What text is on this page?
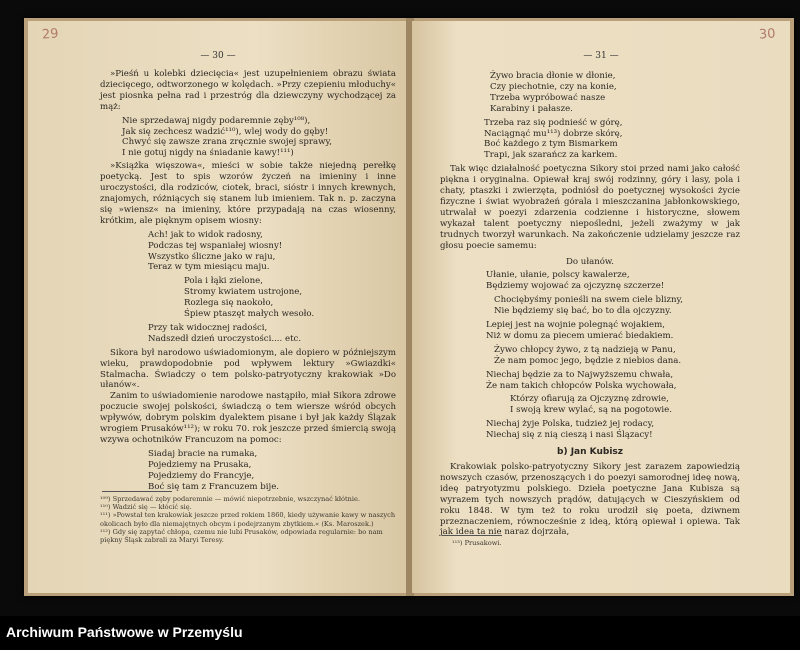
29
— 30 —

»Pieśń u kolebki dziecięcia« jest uzupełnieniem obrazu świata dziecięcego, odtworzonego w kolędach. »Przy czepieniu młoduchy« jest piosnka pełna rad i przestróg dla dziewczyny wychodzącej za mąż:

Nie sprzedawaj nigdy podaremnie zęby¹⁰⁸),
Jak się zechcesz wadzić¹¹⁰), wlej wody do gęby!
Chwyć się zawsze zrana zręcznie swojej sprawy,
I nie gotuj nigdy na śniadanie kawy!¹¹¹)

»Książka więszowa«, mieści w sobie także niejedną perełkę poetycką. Jest to spis wzorów życzeń na imieniny i inne uroczystości, dla rodziców, ciotek, braci, sióstr i innych krewnych, znajomych, różniących się stanem lub imieniem. Tak n. p. zaczyna się »wiensz« na imieniny, które przypadają na czas wiosenny, krótkim, ale pięknym opisem wiosny:

Ach! jak to widok radosny,
Podczas tej wspaniałej wiosny!
Wszystko śliczne jako w raju,
Teraz w tym miesiącu maju.
Pola i łąki zielone,
Stromy kwiatem ustrojone,
Rozlega się naokoło,
Śpiew ptaszęt małych wesoło.
Przy tak widocznej radości,
Nadszedł dzień uroczystości.... etc.

Sikora był narodowo uświadomionym, ale dopiero w późniejszym wieku, prawdopodobnie pod wpływem lektury »Gwiazdki« Stalmacha. Świadczy o tem polsko-patryotyczny krakowiak »Do ułanów«.

Zanim to uświadomienie narodowe nastąpiło, miał Sikora zdrowe poczucie swojej polskości, świadczą o tem wiersze wśród obcych wpływów, dobrym polskim dyalektem pisane i był jak każdy Ślązak wrogiem Prusaków¹¹²); w roku 70. rok jeszcze przed śmiercią swoją wzywa ochotników Francuzom na pomoc:

Siadaj bracie na rumaka,
Pojedziemy na Prusaka,
Pojedziemy do Francyje,
Boć się tam z Francuzem bije.
¹⁰⁹) Sprzedawać zęby podaremnie — mówić niepotrzebnie, wszczynać kłótnie.
¹¹⁰) Wadzić się — kłócić się.
¹¹¹) »Powstał ten krakowiak jeszcze przed rokiem 1860, kiedy używanie kawy w naszych okolicach było dla niemajętnych obcym i podejrzanym zbytkiem.« (Ks. Maroszek.)
¹¹²) Gdy się zapytać chłopa, czemu nie lubi Prusaków, odpowiada regularnie: bo nam piękny Śląsk zabrali za Maryi Teresy.
30
— 31 —
Żywo bracia dłonie w dłonie,
Czy piechotnie, czy na konie,
Trzeba wypróbować nasze
Karabiny i pałasze.
Trzeba raz się podnieść w górę,
Naciągnąć mu¹¹³) dobrze skórę,
Boć każdego z tym Bismarkem
Trapi, jak szarańcz za karkem.

Tak więc działalność poetyczna Sikory stoi przed nami jako całość piękna i oryginalna. Opiewał kraj swój rodzinny, góry i lasy, pola i chaty, ptaszki i zwierzęta, podniósł do poetycznej wysokości życie fizyczne i świat wyobrażeń górala i mieszczanina jabłonkowskiego, utrwalał w poezyi zdarzenia codzienne i historyczne, słowem wykazał talent poetyczny niepośledni, jeżeli zważymy w jak trudnych tworzył warunkach. Na zakończenie udzielamy jeszcze raz głosu poecie samemu:

Do ułanów.
Ułanie, ułanie, polscy kawalerze,
Będziemy wojować za ojczyznę szczerze!
Chociębyśmy ponieśli na swem ciele blizny,
Nie będziemy się bać, bo to dla ojczyzny.
Lepiej jest na wojnie polegnąć wojakiem,
Niż w domu za piecem umierać biedakiem.
Żywo chłopcy żywo, z tą nadzieją w Panu,
Że nam pomoc jego, będzie z niebios dana.
Niechaj będzie za to Najwyższemu chwała,
Że nam takich chłopców Polska wychowała,
Którzy ofiarują za Ojczyznę zdrowie,
I swoją krew wylać, są na pogotowie.
Niechaj żyje Polska, tudzież jej rodacy,
Niechaj się z nią cieszą i nasi Ślązacy!
b) Jan Kubisz

Krakowiak polsko-patryotyczny Sikory jest zarazem zapowiedzią nowszych czasów, przenoszących i do poezyi samorodnej ideę nową, ideę patryotyzmu polskiego. Dzieła poetyczne Jana Kubisza są wyrazem tych nowszych prądów, datujących w Cieszyńskiem od roku 1848. W tym też to roku urodził się poeta, dziwnem przeznaczeniem, równocześnie z ideą, którą opiewał i opiewa. Tak jak idea ta nie naraz dojrzała,

¹¹³) Prusakowi.
Archiwum Państwowe w Przemyślu
